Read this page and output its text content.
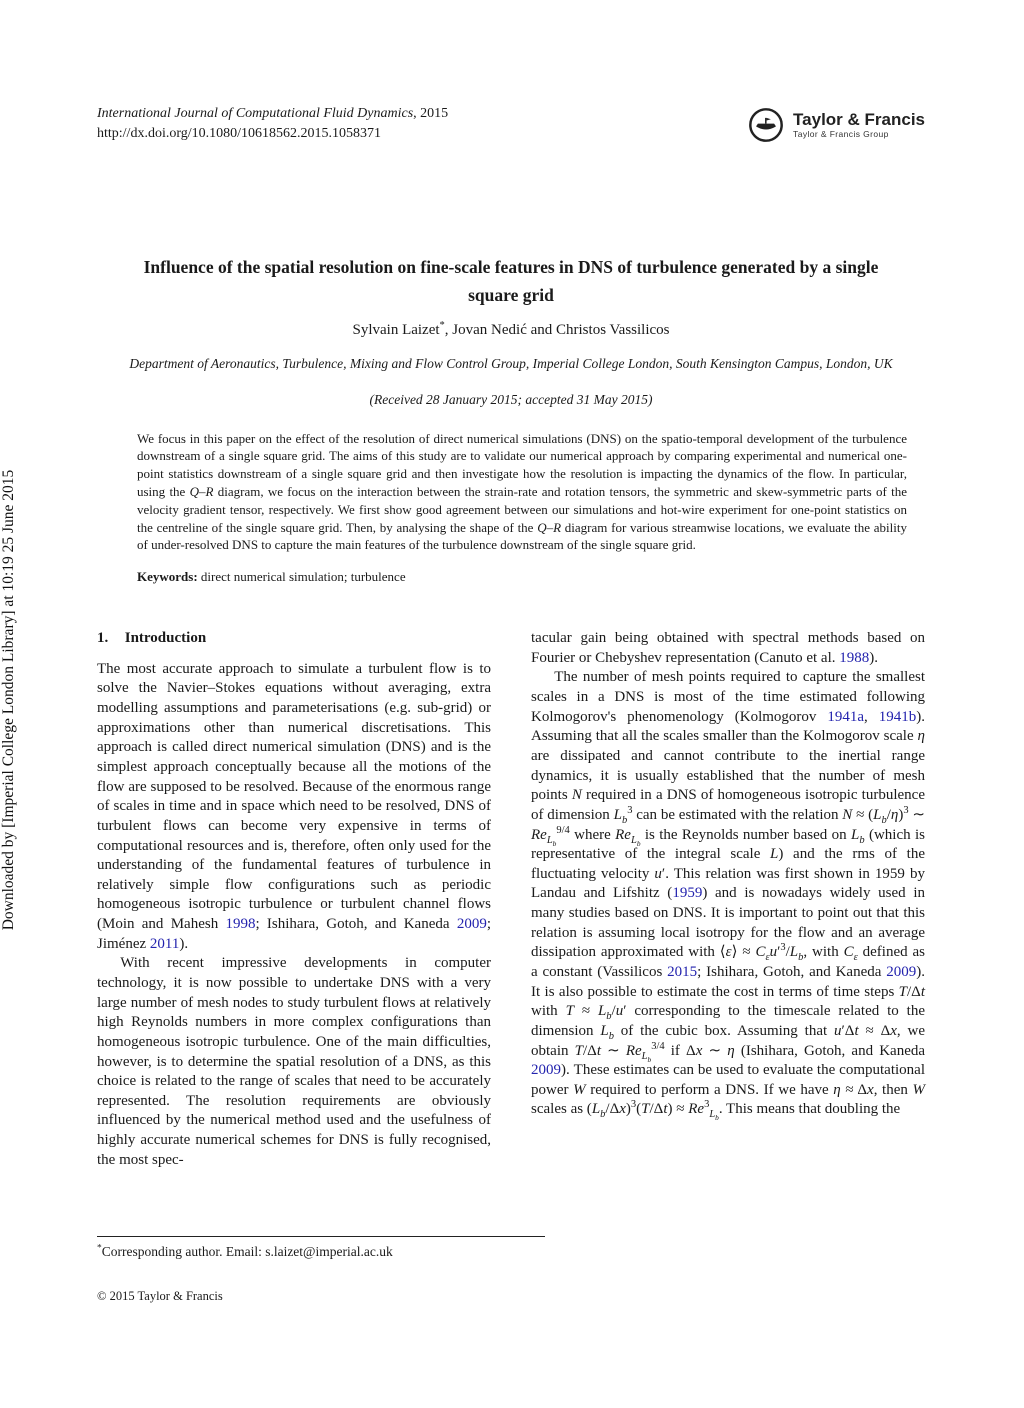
Downloaded by [Imperial College London Library] at 10:19 25 June 2015
International Journal of Computational Fluid Dynamics, 2015
http://dx.doi.org/10.1080/10618562.2015.1058371
Taylor & Francis
Taylor & Francis Group
Influence of the spatial resolution on fine-scale features in DNS of turbulence generated by a single square grid
Sylvain Laizet*, Jovan Nedić and Christos Vassilicos
Department of Aeronautics, Turbulence, Mixing and Flow Control Group, Imperial College London, South Kensington Campus, London, UK
(Received 28 January 2015; accepted 31 May 2015)
We focus in this paper on the effect of the resolution of direct numerical simulations (DNS) on the spatio-temporal development of the turbulence downstream of a single square grid. The aims of this study are to validate our numerical approach by comparing experimental and numerical one-point statistics downstream of a single square grid and then investigate how the resolution is impacting the dynamics of the flow. In particular, using the Q–R diagram, we focus on the interaction between the strain-rate and rotation tensors, the symmetric and skew-symmetric parts of the velocity gradient tensor, respectively. We first show good agreement between our simulations and hot-wire experiment for one-point statistics on the centreline of the single square grid. Then, by analysing the shape of the Q–R diagram for various streamwise locations, we evaluate the ability of under-resolved DNS to capture the main features of the turbulence downstream of the single square grid.
Keywords: direct numerical simulation; turbulence
1. Introduction

The most accurate approach to simulate a turbulent flow is to solve the Navier–Stokes equations without averaging, extra modelling assumptions and parameterisations (e.g. sub-grid) or approximations other than numerical discretisations. This approach is called direct numerical simulation (DNS) and is the simplest approach conceptually because all the motions of the flow are supposed to be resolved. Because of the enormous range of scales in time and in space which need to be resolved, DNS of turbulent flows can become very expensive in terms of computational resources and is, therefore, often only used for the understanding of the fundamental features of turbulence in relatively simple flow configurations such as periodic homogeneous isotropic turbulence or turbulent channel flows (Moin and Mahesh 1998; Ishihara, Gotoh, and Kaneda 2009; Jiménez 2011).

With recent impressive developments in computer technology, it is now possible to undertake DNS with a very large number of mesh nodes to study turbulent flows at relatively high Reynolds numbers in more complex configurations than homogeneous isotropic turbulence. One of the main difficulties, however, is to determine the spatial resolution of a DNS, as this choice is related to the range of scales that need to be accurately represented. The resolution requirements are obviously influenced by the numerical method used and the usefulness of highly accurate numerical schemes for DNS is fully recognised, the most spec-

tacular gain being obtained with spectral methods based on Fourier or Chebyshev representation (Canuto et al. 1988).

The number of mesh points required to capture the smallest scales in a DNS is most of the time estimated following Kolmogorov's phenomenology (Kolmogorov 1941a, 1941b). Assuming that all the scales smaller than the Kolmogorov scale η are dissipated and cannot contribute to the inertial range dynamics, it is usually established that the number of mesh points N required in a DNS of homogeneous isotropic turbulence of dimension $L_b^3$ can be estimated with the relation $N \approx (L_b/\eta)^3$ ∼ $Re_{L_b}^{9/4}$ where $Re_{L_b}$ is the Reynolds number based on $L_b$ (which is representative of the integral scale L) and the rms of the fluctuating velocity u′. This relation was first shown in 1959 by Landau and Lifshitz (1959) and is nowadays widely used in many studies based on DNS. It is important to point out that this relation is assuming local isotropy for the flow and an average dissipation approximated with ⟨ε⟩ ≈ $C_\varepsilon u'^3/L_b$, with $C_\varepsilon$ defined as a constant (Vassilicos 2015; Ishihara, Gotoh, and Kaneda 2009). It is also possible to estimate the cost in terms of time steps T/Δt with $T \approx L_b/u'$ corresponding to the timescale related to the dimension $L_b$ of the cubic box. Assuming that u′Δt ≈ Δx, we obtain T/Δt ∼ $Re_{L_b}^{3/4}$ if Δx ∼ η (Ishihara, Gotoh, and Kaneda 2009). These estimates can be used to evaluate the computational power W required to perform a DNS. If we have η ≈ Δx, then W scales as $(L_b/\Delta x)^3(T/\Delta t) \approx Re^3_{L_b}$. This means that doubling the

*Corresponding author. Email: s.laizet@imperial.ac.uk
© 2015 Taylor & Francis
